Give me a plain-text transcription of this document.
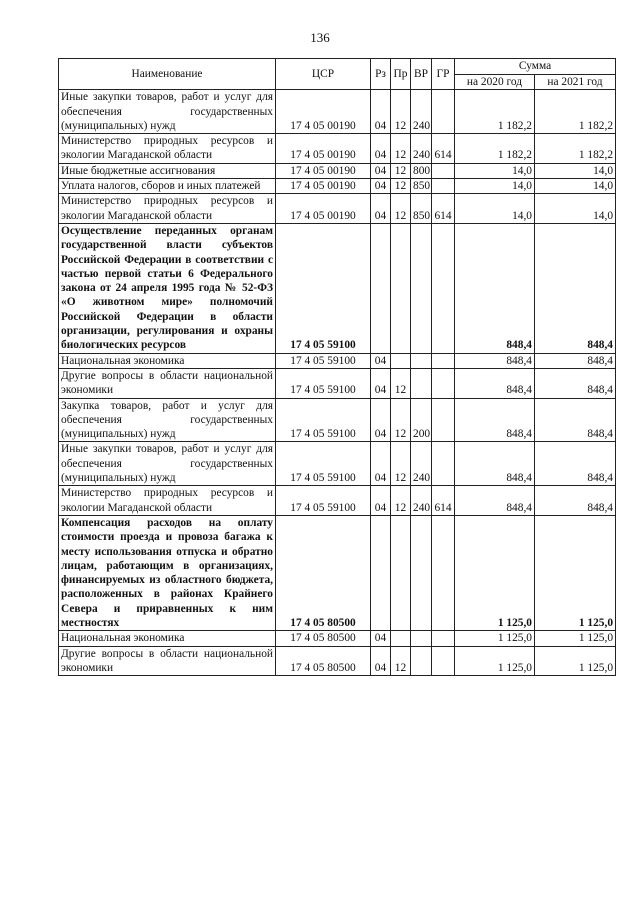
136
Наименование	ЦСР	Рз	Пр	ВР	ГР	Сумма	
						на 2020 год	на 2021 год
Иные закупки товаров, работ и услуг для обеспечения государственных (муниципальных) нужд	17 4 05 00190	04	12	240		1 182,2	1 182,2
Министерство природных ресурсов и экологии Магаданской области	17 4 05 00190	04	12	240	614	1 182,2	1 182,2
Иные бюджетные ассигнования	17 4 05 00190	04	12	800		14,0	14,0
Уплата налогов, сборов и иных платежей	17 4 05 00190	04	12	850		14,0	14,0
Министерство природных ресурсов и экологии Магаданской области	17 4 05 00190	04	12	850	614	14,0	14,0
Осуществление переданных органам государственной власти субъектов Российской Федерации в соответствии с частью первой статьи 6 Федерального закона от 24 апреля 1995 года № 52-ФЗ «О животном мире» полномочий Российской Федерации в области организации, регулирования и охраны биологических ресурсов	17 4 05 59100					848,4	848,4
Национальная экономика	17 4 05 59100	04				848,4	848,4
Другие вопросы в области национальной экономики	17 4 05 59100	04	12			848,4	848,4
Закупка товаров, работ и услуг для обеспечения государственных (муниципальных) нужд	17 4 05 59100	04	12	200		848,4	848,4
Иные закупки товаров, работ и услуг для обеспечения государственных (муниципальных) нужд	17 4 05 59100	04	12	240		848,4	848,4
Министерство природных ресурсов и экологии Магаданской области	17 4 05 59100	04	12	240	614	848,4	848,4
Компенсация расходов на оплату стоимости проезда и провоза багажа к месту использования отпуска и обратно лицам, работающим в организациях, финансируемых из областного бюджета, расположенных в районах Крайнего Севера и приравненных к ним местностях	17 4 05 80500					1 125,0	1 125,0
Национальная экономика	17 4 05 80500	04				1 125,0	1 125,0
Другие вопросы в области национальной экономики	17 4 05 80500	04	12			1 125,0	1 125,0
